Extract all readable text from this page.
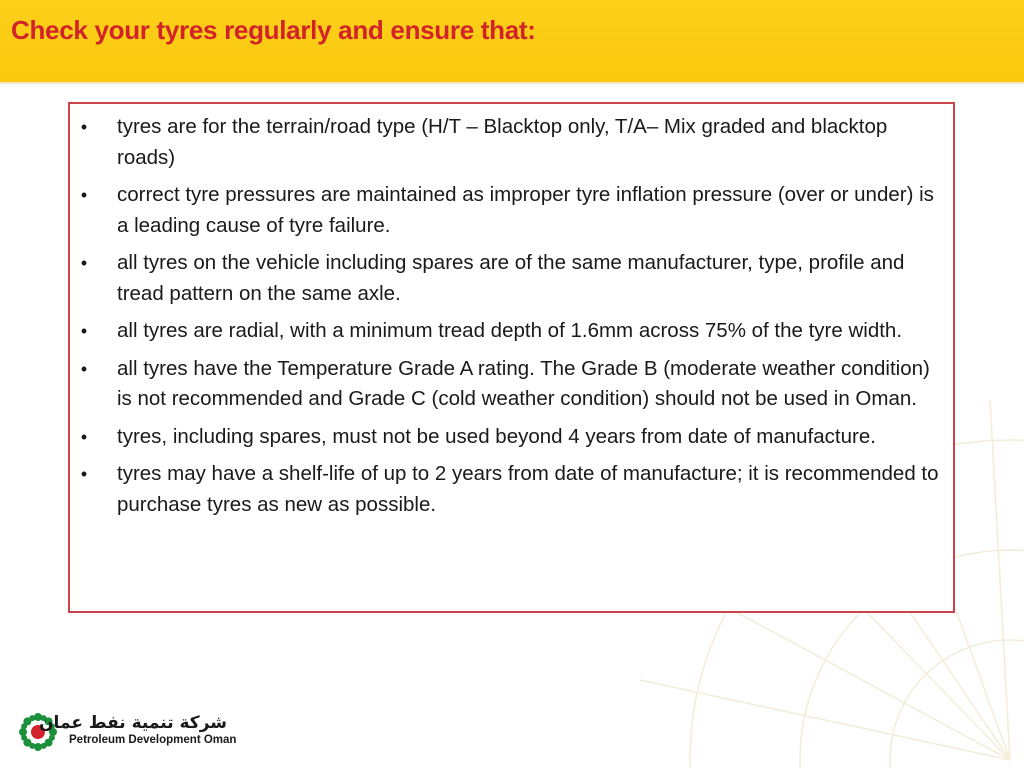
Check your tyres regularly and ensure that:
• tyres are for the terrain/road type (H/T – Blacktop only, T/A– Mix graded and blacktop roads)
• correct tyre pressures are maintained as improper tyre inflation pressure (over or under) is a leading cause of tyre failure.
• all tyres on the vehicle including spares are of the same manufacturer, type, profile and tread pattern on the same axle.
• all tyres are radial, with a minimum tread depth of 1.6mm across 75% of the tyre width.
• all tyres have the Temperature Grade A rating. The Grade B (moderate weather condition) is not recommended and Grade C (cold weather condition) should not be used in Oman.
• tyres, including spares, must not be used beyond 4 years from date of manufacture.
• tyres may have a shelf-life of up to 2 years from date of manufacture; it is recommended to purchase tyres as new as possible.
شركة تنمية نفط عمان
Petroleum Development Oman
